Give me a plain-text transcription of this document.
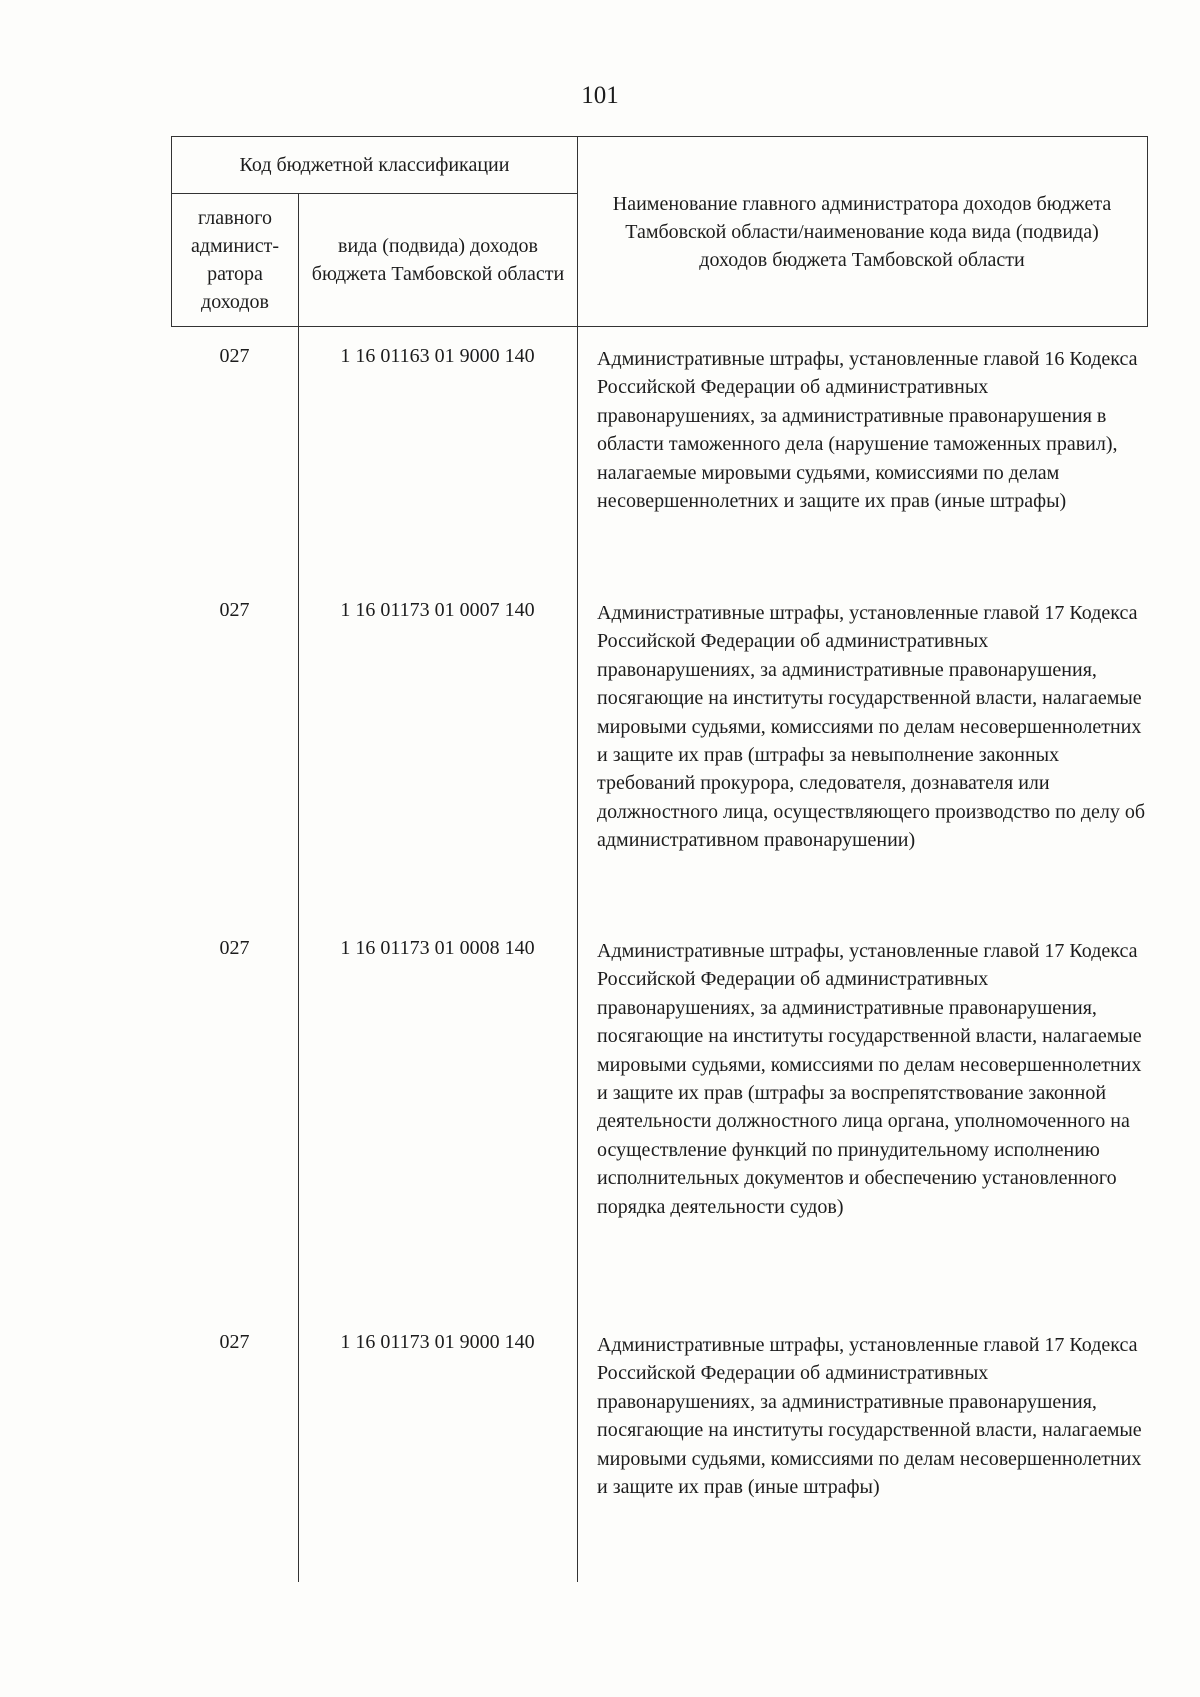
101
Код бюджетной классификации
главного админист-ратора доходов
вида (подвида) доходов бюджета Тамбовской области
Наименование главного администратора доходов бюджета Тамбовской области/наименование кода вида (подвида) доходов бюджета Тамбовской области
027	1 16 01163 01 9000 140	Административные штрафы, установленные главой 16 Кодекса Российской Федерации об административных правонарушениях, за административные правонарушения в области таможенного дела (нарушение таможенных правил), налагаемые мировыми судьями, комиссиями по делам несовершеннолетних и защите их прав (иные штрафы)
027	1 16 01173 01 0007 140	Административные штрафы, установленные главой 17 Кодекса Российской Федерации об административных правонарушениях, за административные правонарушения, посягающие на институты государственной власти, налагаемые мировыми судьями, комиссиями по делам несовершеннолетних и защите их прав (штрафы за невыполнение законных требований прокурора, следователя, дознавателя или должностного лица, осуществляющего производство по делу об административном правонарушении)
027	1 16 01173 01 0008 140	Административные штрафы, установленные главой 17 Кодекса Российской Федерации об административных правонарушениях, за административные правонарушения, посягающие на институты государственной власти, налагаемые мировыми судьями, комиссиями по делам несовершеннолетних и защите их прав (штрафы за воспрепятствование законной деятельности должностного лица органа, уполномоченного на осуществление функций по принудительному исполнению исполнительных документов и обеспечению установленного порядка деятельности судов)
027	1 16 01173 01 9000 140	Административные штрафы, установленные главой 17 Кодекса Российской Федерации об административных правонарушениях, за административные правонарушения, посягающие на институты государственной власти, налагаемые мировыми судьями, комиссиями по делам несовершеннолетних и защите их прав (иные штрафы)
